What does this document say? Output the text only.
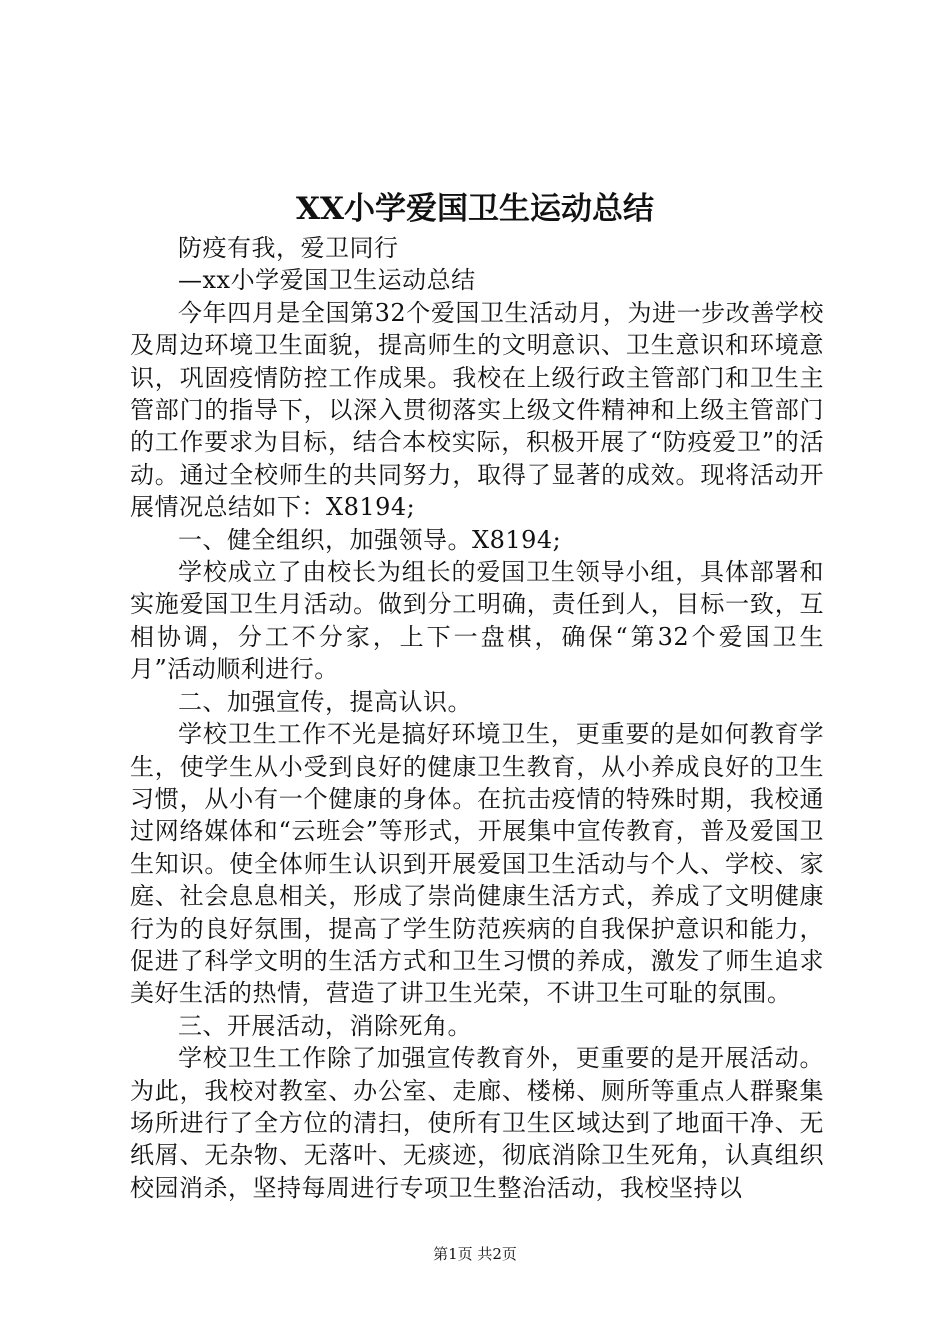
XX小学爱国卫生运动总结

防疫有我，爱卫同行

—xx小学爱国卫生运动总结

今年四月是全国第32个爱国卫生活动月，为进一步改善学校及周边环境卫生面貌，提高师生的文明意识、卫生意识和环境意识，巩固疫情防控工作成果。我校在上级行政主管部门和卫生主管部门的指导下，以深入贯彻落实上级文件精神和上级主管部门的工作要求为目标，结合本校实际，积极开展了“防疫爱卫”的活动。通过全校师生的共同努力，取得了显著的成效。现将活动开展情况总结如下：X8194;

一、健全组织，加强领导。X8194;

学校成立了由校长为组长的爱国卫生领导小组，具体部署和实施爱国卫生月活动。做到分工明确，责任到人，目标一致，互相协调，分工不分家，上下一盘棋，确保“第32个爱国卫生月”活动顺利进行。

二、加强宣传，提高认识。

学校卫生工作不光是搞好环境卫生，更重要的是如何教育学生，使学生从小受到良好的健康卫生教育，从小养成良好的卫生习惯，从小有一个健康的身体。在抗击疫情的特殊时期，我校通过网络媒体和“云班会”等形式，开展集中宣传教育，普及爱国卫生知识。使全体师生认识到开展爱国卫生活动与个人、学校、家庭、社会息息相关，形成了崇尚健康生活方式，养成了文明健康行为的良好氛围，提高了学生防范疾病的自我保护意识和能力，促进了科学文明的生活方式和卫生习惯的养成，激发了师生追求美好生活的热情，营造了讲卫生光荣，不讲卫生可耻的氛围。

三、开展活动，消除死角。

学校卫生工作除了加强宣传教育外，更重要的是开展活动。为此，我校对教室、办公室、走廊、楼梯、厕所等重点人群聚集场所进行了全方位的清扫，使所有卫生区域达到了地面干净、无纸屑、无杂物、无落叶、无痰迹，彻底消除卫生死角，认真组织校园消杀，坚持每周进行专项卫生整治活动，我校坚持以

第1页 共2页
